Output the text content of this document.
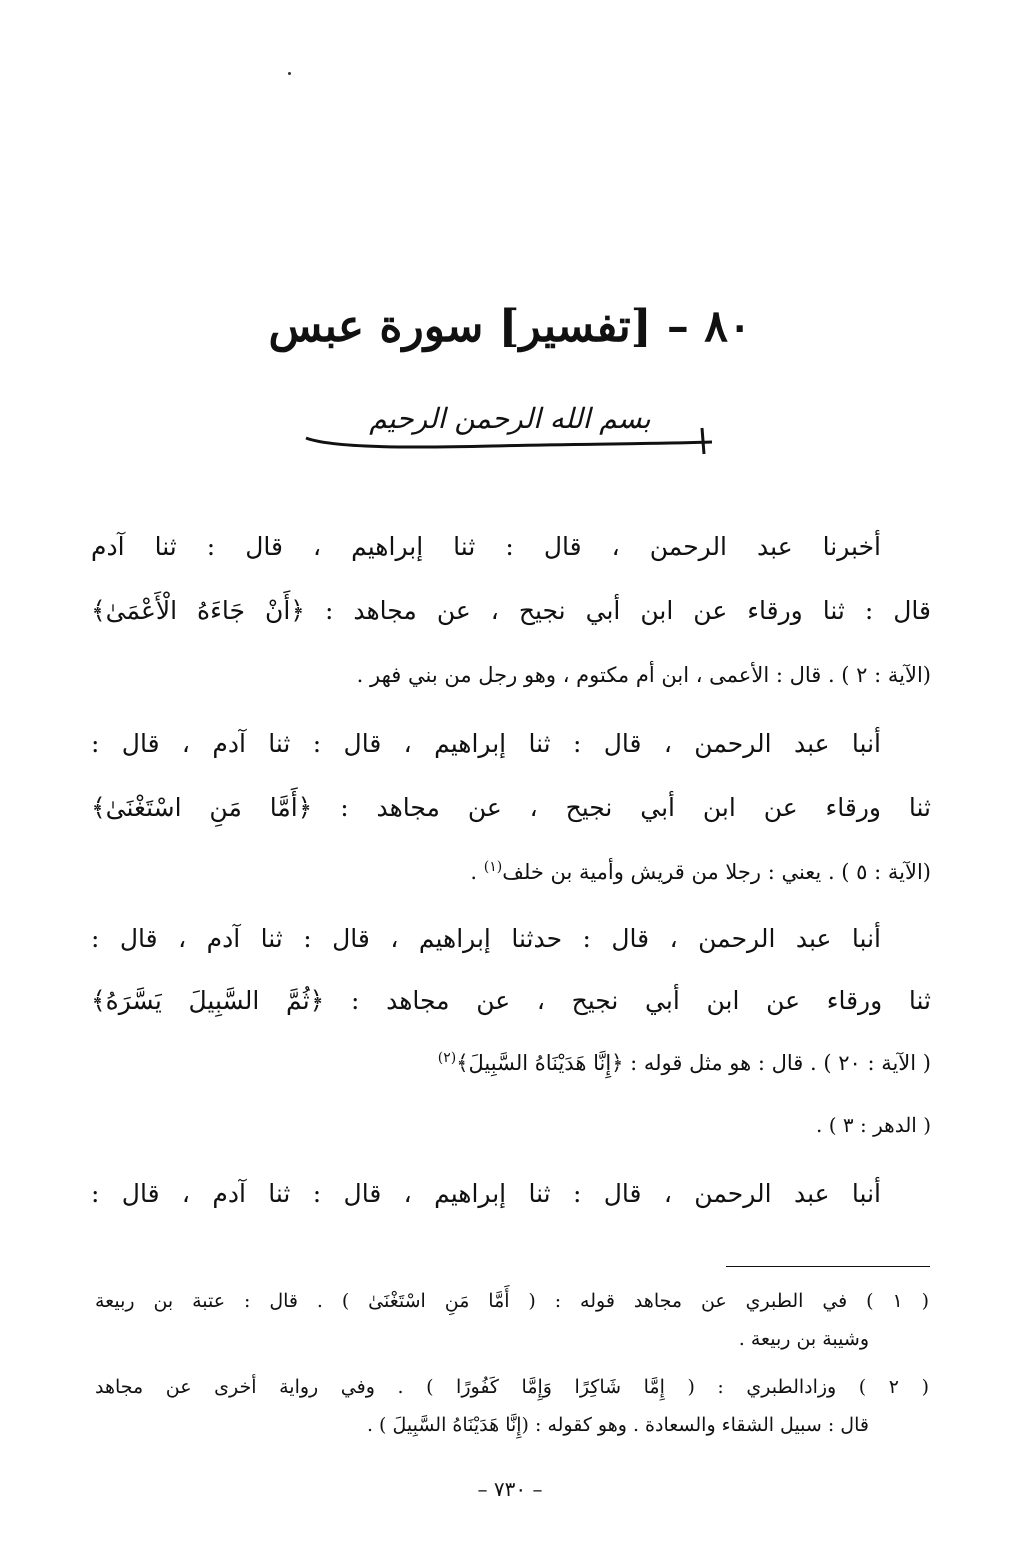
٨٠ – [تفسير] سورة عبس
بسم الله الرحمن الرحيم
أخبرنا عبد الرحمن ، قال : ثنا إبراهيم ، قال : ثنا آدم
قال : ثنا ورقاء عن ابن أبي نجيح ، عن مجاهد : ﴿أَنْ جَاءَهُ الْأَعْمَىٰ﴾
(الآية : ٢ ) . قال : الأعمى ، ابن أم مكتوم ، وهو رجل من بني فهر .
أنبا عبد الرحمن ، قال : ثنا إبراهيم ، قال : ثنا آدم ، قال :
ثنا ورقاء عن ابن أبي نجيح ، عن مجاهد : ﴿أَمَّا مَنِ اسْتَغْنَىٰ﴾
(الآية : ٥ ) . يعني : رجلا من قريش وأمية بن خلف$^{(١)}$ .
أنبا عبد الرحمن ، قال : حدثنا إبراهيم ، قال : ثنا آدم ، قال :
ثنا ورقاء عن ابن أبي نجيح ، عن مجاهد : ﴿ثُمَّ السَّبِيلَ يَسَّرَهُ﴾
( الآية : ٢٠ ) . قال : هو مثل قوله : ﴿إِنَّا هَدَيْنَاهُ السَّبِيلَ﴾$^{(٢)}$
( الدهر : ٣ ) .
أنبا عبد الرحمن ، قال : ثنا إبراهيم ، قال : ثنا آدم ، قال :
( ١ ) في الطبري عن مجاهد قوله : ( أَمَّا مَنِ اسْتَغْنَىٰ ) . قال : عتبة بن ربيعة
وشيبة بن ربيعة .
( ٢ ) وزادالطبري : ( إِمَّا شَاكِرًا وَإِمَّا كَفُورًا ) . وفي رواية أخرى عن مجاهد
قال : سبيل الشقاء والسعادة . وهو كقوله : (إِنَّا هَدَيْنَاهُ السَّبِيلَ ) .
– ٧٣٠ –
